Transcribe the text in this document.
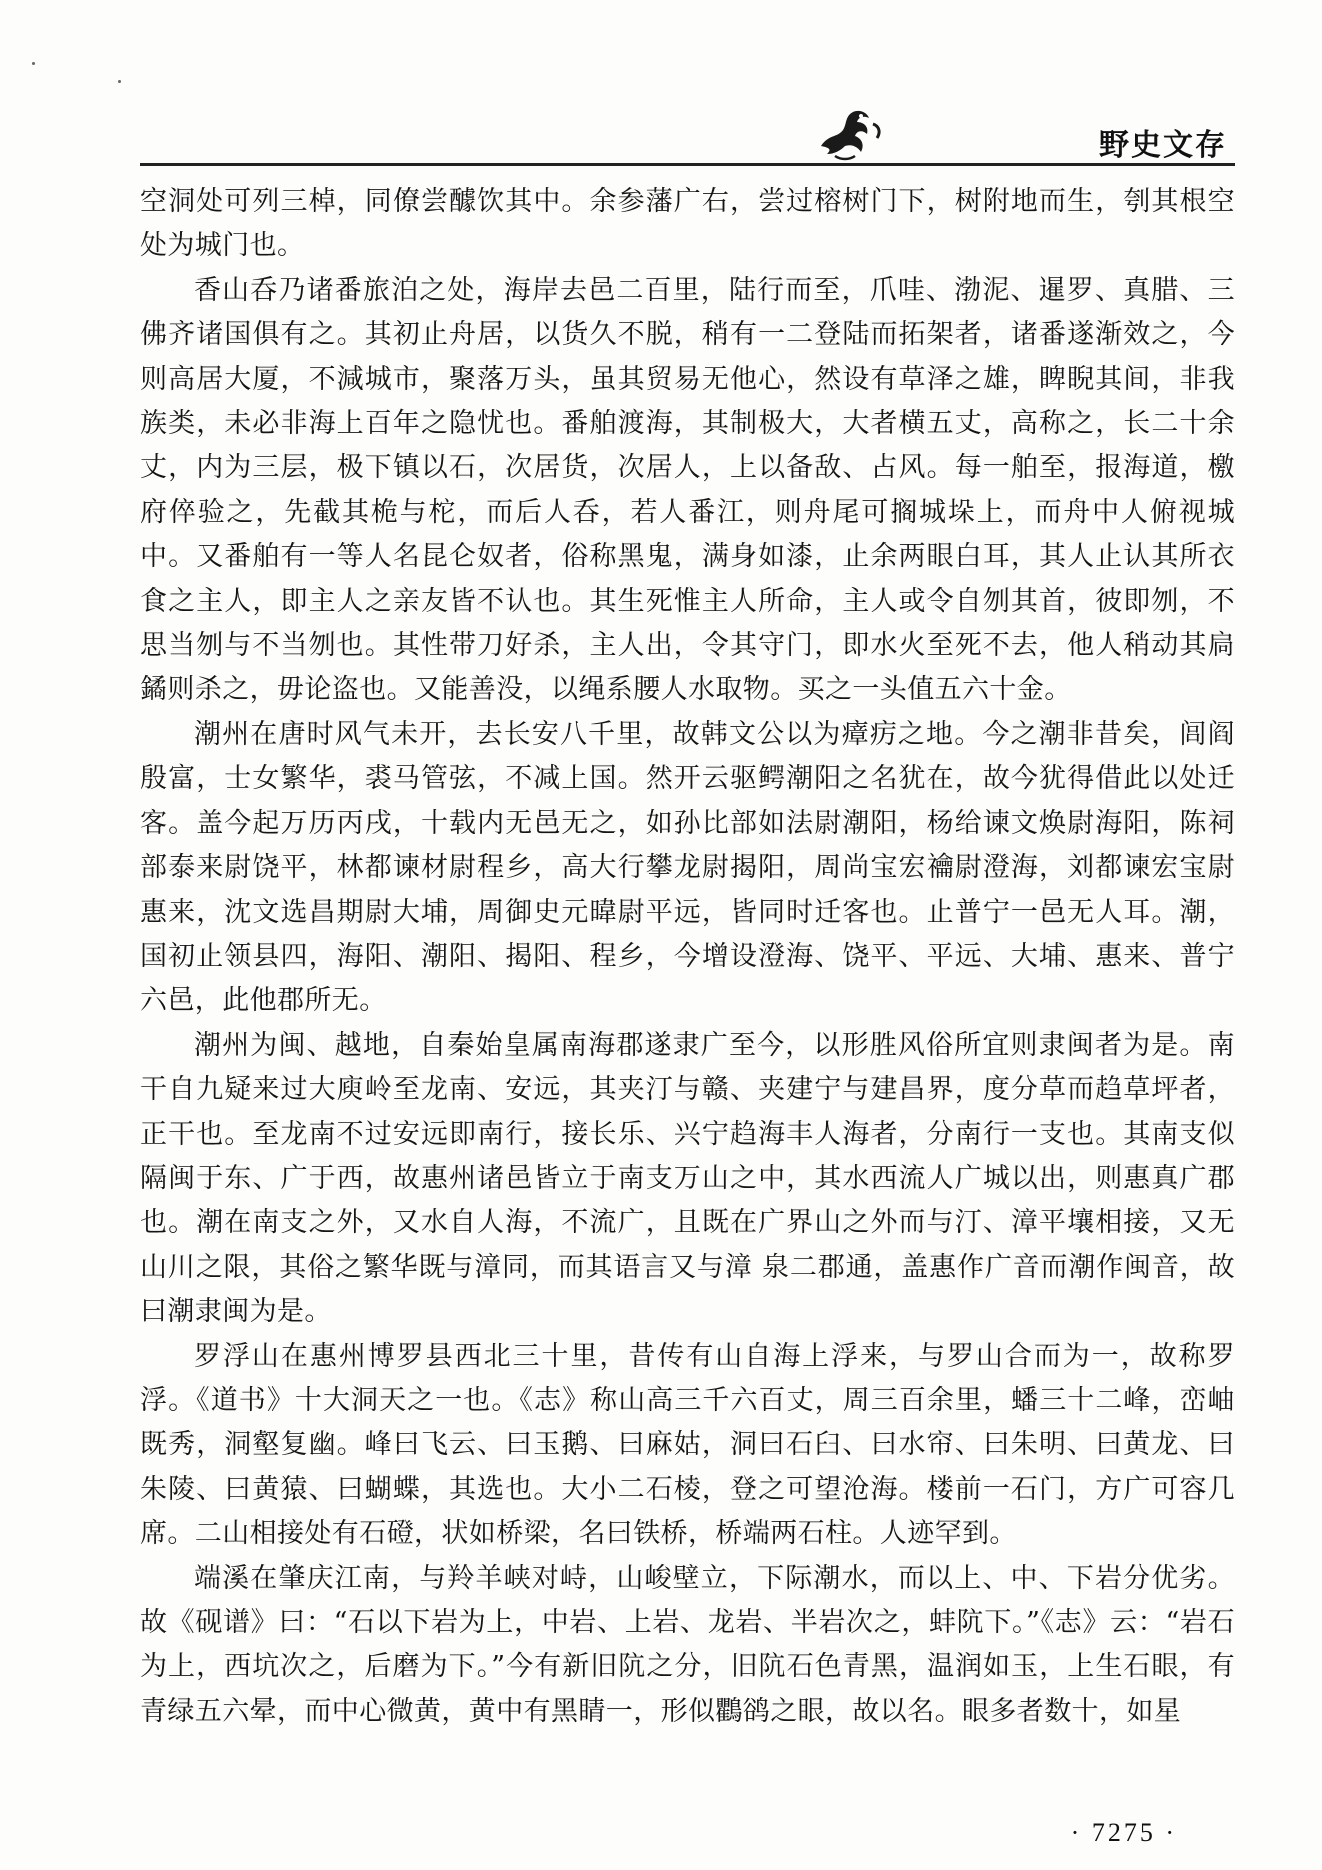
野史文存

空洞处可列三棹，同僚尝醵饮其中。余参藩广右，尝过榕树门下，树附地而生，刳其根空处为城门也。

香山呑乃诸番旅泊之处，海岸去邑二百里，陆行而至，爪哇、渤泥、暹罗、真腊、三佛齐诸国俱有之。其初止舟居，以货久不脱，稍有一二登陆而拓架者，诸番遂渐效之，今则高居大厦，不減城市，聚落万头，虽其贸易无他心，然设有草泽之雄，睥睨其间，非我族类，未必非海上百年之隐忧也。番舶渡海，其制极大，大者横五丈，高称之，长二十余丈，内为三层，极下镇以石，次居货，次居人，上以备敌、占风。每一舶至，报海道，檄府倅验之，先截其桅与柁，而后人呑，若人番江，则舟尾可搁城垛上，而舟中人俯视城中。又番舶有一等人名昆仑奴者，俗称黑鬼，满身如漆，止余两眼白耳，其人止认其所衣食之主人，即主人之亲友皆不认也。其生死惟主人所命，主人或令自刎其首，彼即刎，不思当刎与不当刎也。其性带刀好杀，主人出，令其守门，即水火至死不去，他人稍动其扃鐍则杀之，毋论盗也。又能善没，以绳系腰人水取物。买之一头值五六十金。

潮州在唐时风气未开，去长安八千里，故韩文公以为瘴疠之地。今之潮非昔矣，闾阎殷富，士女繁华，裘马管弦，不减上国。然开云驱鳄潮阳之名犹在，故今犹得借此以处迁客。盖今起万历丙戌，十载内无邑无之，如孙比部如法尉潮阳，杨给谏文焕尉海阳，陈祠部泰来尉饶平，林都谏材尉程乡，高大行攀龙尉揭阳，周尚宝宏禴尉澄海，刘都谏宏宝尉惠来，沈文选昌期尉大埔，周御史元暐尉平远，皆同时迁客也。止普宁一邑无人耳。潮，国初止领县四，海阳、潮阳、揭阳、程乡，今增设澄海、饶平、平远、大埔、惠来、普宁六邑，此他郡所无。

潮州为闽、越地，自秦始皇属南海郡遂隶广至今，以形胜风俗所宜则隶闽者为是。南干自九疑来过大庾岭至龙南、安远，其夹汀与赣、夹建宁与建昌界，度分草而趋草坪者，正干也。至龙南不过安远即南行，接长乐、兴宁趋海丰人海者，分南行一支也。其南支似隔闽于东、广于西，故惠州诸邑皆立于南支万山之中，其水西流人广城以出，则惠真广郡也。潮在南支之外，又水自人海，不流广，且既在广界山之外而与汀、漳平壤相接，又无山川之限，其俗之繁华既与漳同，而其语言又与漳 泉二郡通，盖惠作广音而潮作闽音，故曰潮隶闽为是。

罗浮山在惠州博罗县西北三十里，昔传有山自海上浮来，与罗山合而为一，故称罗浮。《道书》十大洞天之一也。《志》称山高三千六百丈，周三百余里，蟠三十二峰，峦岫既秀，洞壑复幽。峰曰飞云、曰玉鹅、曰麻姑，洞曰石臼、曰水帘、曰朱明、曰黄龙、曰朱陵、曰黄猿、曰蝴蝶，其选也。大小二石棱，登之可望沧海。楼前一石门，方广可容几席。二山相接处有石磴，状如桥梁，名曰铁桥，桥端两石柱。人迹罕到。

端溪在肇庆江南，与羚羊峡对峙，山峻壁立，下际潮水，而以上、中、下岩分优劣。故《砚谱》曰：“石以下岩为上，中岩、上岩、龙岩、半岩次之，蚌阬下。”《志》云：“岩石为上，西坑次之，后磨为下。”今有新旧阬之分，旧阬石色青黑，温润如玉，上生石眼，有青绿五六晕，而中心微黄，黄中有黑睛一，形似鸜鹆之眼，故以名。眼多者数十，如星

· 7275 ·
